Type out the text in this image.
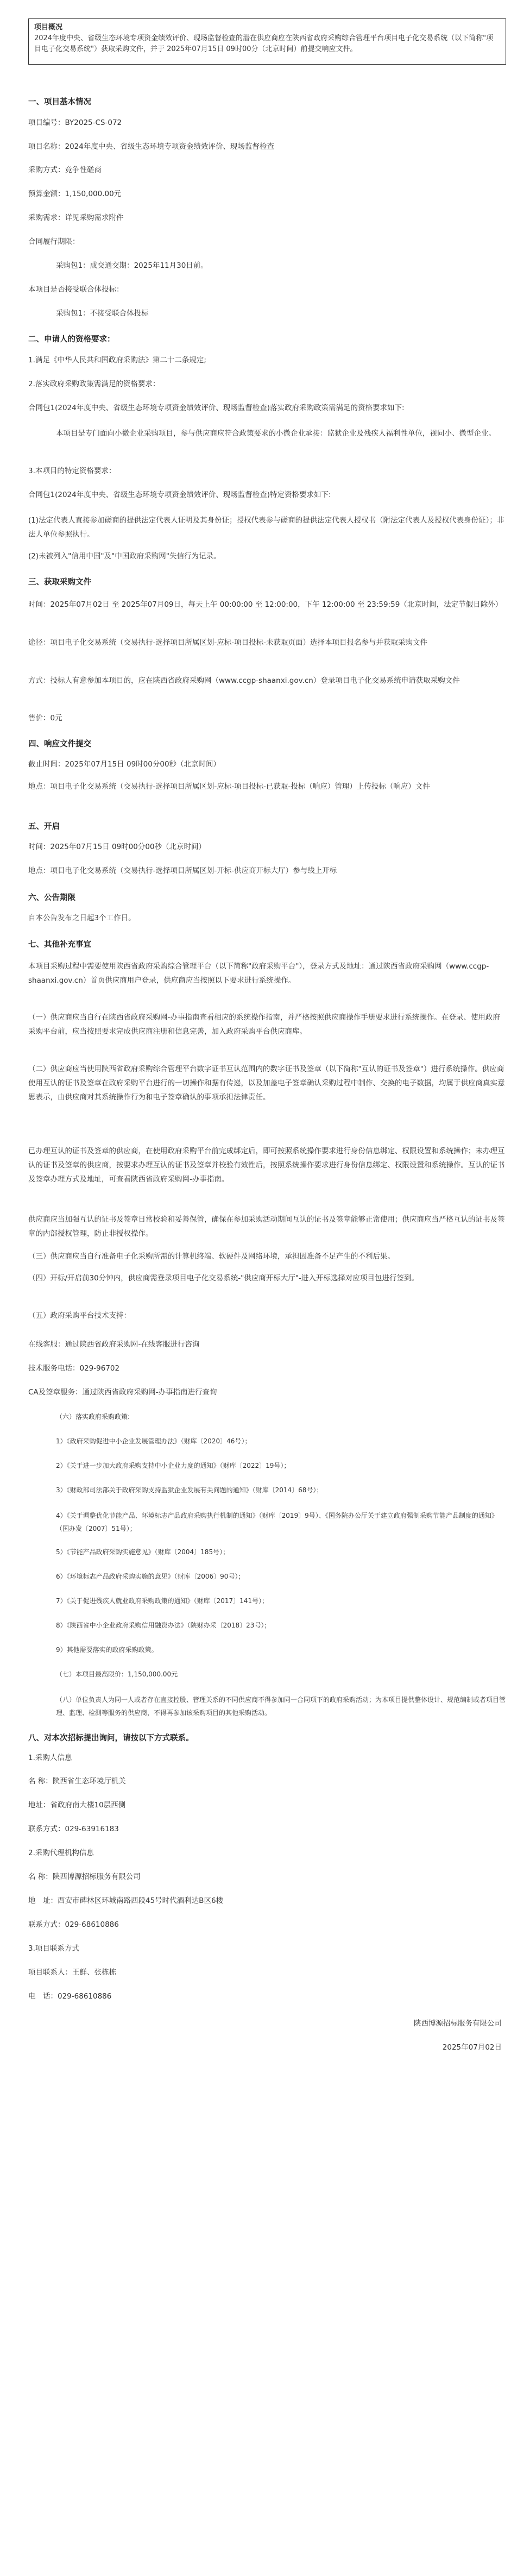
项目概况
2024年度中央、省级生态环境专项资金绩效评价、现场监督检查的潜在供应商应在陕西省政府采购综合管理平台项目电子化交易系统（以下简称"项目电子化交易系统"）获取采购文件，并于 2025年07月15日 09时00分（北京时间）前提交响应文件。
一、项目基本情况
项目编号：BY2025-CS-072
项目名称：2024年度中央、省级生态环境专项资金绩效评价、现场监督检查
采购方式：竞争性磋商
预算金额：1,150,000.00元
采购需求：详见采购需求附件
合同履行期限：
采购包1：成交通交期：2025年11月30日前。
本项目是否接受联合体投标：
采购包1：不接受联合体投标
二、申请人的资格要求：
1.满足《中华人民共和国政府采购法》第二十二条规定;
2.落实政府采购政策需满足的资格要求：
合同包1(2024年度中央、省级生态环境专项资金绩效评价、现场监督检查)落实政府采购政策需满足的资格要求如下:
本项目是专门面向小微企业采购项目，参与供应商应符合政策要求的小微企业承接：监狱企业及残疾人福利性单位，视同小、微型企业。
3.本项目的特定资格要求：
合同包1(2024年度中央、省级生态环境专项资金绩效评价、现场监督检查)特定资格要求如下:
(1)法定代表人直接参加磋商的提供法定代表人证明及其身份证；授权代表参与磋商的提供法定代表人授权书（附法定代表人及授权代表身份证）；非法人单位参照执行。
(2)未被列入"信用中国"及"中国政府采购网"失信行为记录。
三、获取采购文件
时间：2025年07月02日 至 2025年07月09日，每天上午 00:00:00 至 12:00:00，下午 12:00:00 至 23:59:59（北京时间，法定节假日除外）
途径：项目电子化交易系统（交易执行-选择项目所属区划-应标-项目投标-未获取页面）选择本项目报名参与并获取采购文件
方式：投标人有意参加本项目的，应在陕西省政府采购网（www.ccgp-shaanxi.gov.cn）登录项目电子化交易系统申请获取采购文件
售价：0元
四、响应文件提交
截止时间：2025年07月15日 09时00分00秒（北京时间）
地点：项目电子化交易系统（交易执行-选择项目所属区划-应标-项目投标-已获取-投标（响应）管理）上传投标（响应）文件
五、开启
时间：2025年07月15日 09时00分00秒（北京时间）
地点：项目电子化交易系统（交易执行-选择项目所属区划-开标-供应商开标大厅）参与线上开标
六、公告期限
自本公告发布之日起3个工作日。
七、其他补充事宜
本项目采购过程中需要使用陕西省政府采购综合管理平台（以下简称"政府采购平台"），登录方式及地址：通过陕西省政府采购网（www.ccgp-shaanxi.gov.cn）首页供应商用户登录，供应商应当按照以下要求进行系统操作。
（一）供应商应当自行在陕西省政府采购网-办事指南查看相应的系统操作指南，并严格按照供应商操作手册要求进行系统操作。在登录、使用政府采购平台前，应当按照要求完成供应商注册和信息完善，加入政府采购平台供应商库。
（二）供应商应当使用陕西省政府采购综合管理平台数字证书互认范围内的数字证书及签章（以下简称"互认的证书及签章"）进行系统操作。供应商使用互认的证书及签章在政府采购平台进行的一切操作和据有传递，以及加盖电子签章确认采购过程中制作、交换的电子数据，均属于供应商真实意思表示，由供应商对其系统操作行为和电子签章确认的事项承担法律责任。
已办理互认的证书及签章的供应商，在使用政府采购平台前完成绑定后，即可按照系统操作要求进行身份信息绑定、权限设置和系统操作；未办理互认的证书及签章的供应商，按要求办理互认的证书及签章并校验有效性后，按照系统操作要求进行身份信息绑定、权限设置和系统操作。互认的证书及签章办理方式及地址，可查看陕西省政府采购网-办事指南。
供应商应当加强互认的证书及签章日常校验和妥善保管，确保在参加采购活动期间互认的证书及签章能够正常使用；供应商应当严格互认的证书及签章的内部授权管理，防止非授权操作。
（三）供应商应当自行准备电子化采购所需的计算机终端、软硬件及网络环境，承担因准备不足产生的不利后果。
（四）开标/开启前30分钟内，供应商需登录项目电子化交易系统-"供应商开标大厅"-进入开标选择对应项目包进行签到。
（五）政府采购平台技术支持：
在线客服：通过陕西省政府采购网-在线客服进行咨询
技术服务电话：029-96702
CA及签章服务：通过陕西省政府采购网-办事指南进行查询
（六）落实政府采购政策:
1）《政府采购促进中小企业发展管理办法》（财库〔2020〕46号）；
2）《关于进一步加大政府采购支持中小企业力度的通知》（财库〔2022〕19号）；
3）《财政部司法部关于政府采购支持监狱企业发展有关问题的通知》（财库〔2014〕68号）；
4）《关于调整优化节能产品、环境标志产品政府采购执行机制的通知》（财库〔2019〕9号）、《国务院办公厅关于建立政府强制采购节能产品制度的通知》（国办发〔2007〕51号）；
5）《节能产品政府采购实施意见》（财库〔2004〕185号）；
6）《环境标志产品政府采购实施的意见》（财库〔2006〕90号）；
7）《关于促进残疾人就业政府采购政策的通知》（财库〔2017〕141号）；
8）《陕西省中小企业政府采购信用融资办法》（陕财办采〔2018〕23号）；
9）其他需要落实的政府采购政策。
（七）本项目最高限价：1,150,000.00元
（八）单位负责人为同一人或者存在直接控股、管理关系的不同供应商不得参加同一合同项下的政府采购活动；为本项目提供整体设计、规范编制或者项目管理、监理、检测等服务的供应商，不得再参加该采购项目的其他采购活动。
八、对本次招标提出询问，请按以下方式联系。
1.采购人信息
名 称：陕西省生态环境厅机关
地址：省政府南大楼10层西侧
联系方式：029-63916183
2.采购代理机构信息
名 称：陕西博源招标服务有限公司
地　址：西安市碑林区环城南路西段45号时代酒利达B区6楼
联系方式：029-68610886
3.项目联系方式
项目联系人：王鲜、张栋栋
电　话：029-68610886
陕西博源招标服务有限公司
2025年07月02日
